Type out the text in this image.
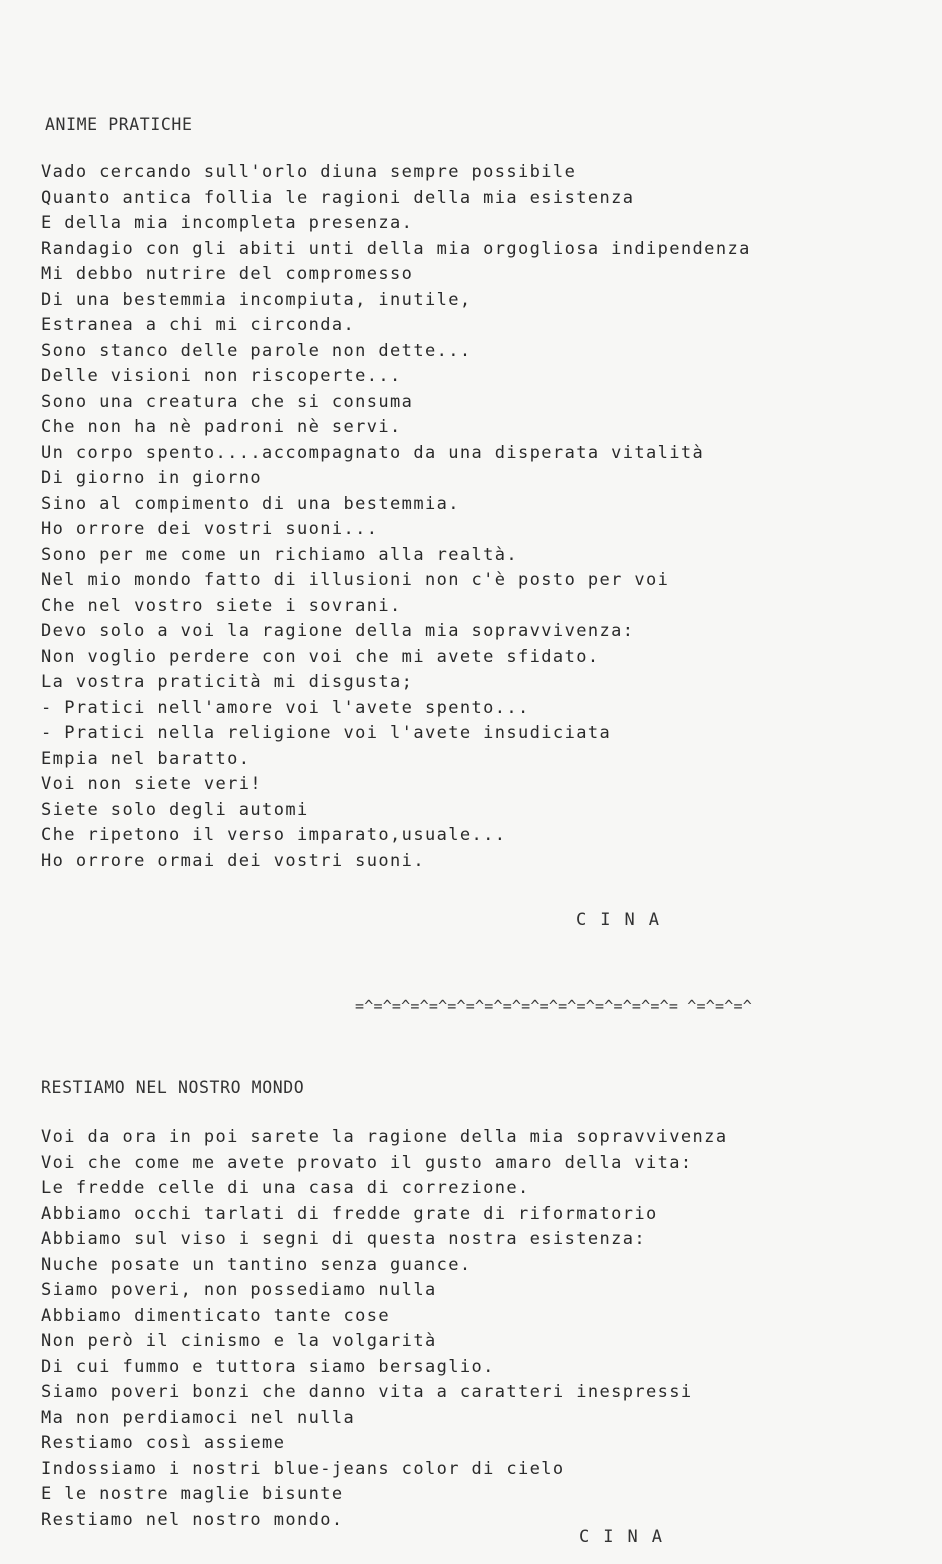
ANIME PRATICHE
Vado cercando sull'orlo diuna sempre possibile
Quanto antica follia le ragioni della mia esistenza
E della mia incompleta presenza.
Randagio con gli abiti unti della mia orgogliosa indipendenza
Mi debbo nutrire del compromesso
Di una bestemmia incompiuta, inutile,
Estranea a chi mi circonda.
Sono stanco delle parole non dette...
Delle visioni non riscoperte...
Sono una creatura che si consuma
Che non ha nè padroni nè servi.
Un corpo spento....accompagnato da una disperata vitalità
Di giorno in giorno
Sino al compimento di una bestemmia.
Ho orrore dei vostri suoni...
Sono per me come un richiamo alla realtà.
Nel mio mondo fatto di illusioni non c'è posto per voi
Che nel vostro siete i sovrani.
Devo solo a voi la ragione della mia sopravvivenza:
Non voglio perdere con voi che mi avete sfidato.
La vostra praticità mi disgusta;
- Pratici nell'amore voi l'avete spento...
- Pratici nella religione voi l'avete insudiciata
Empia nel baratto.
Voi non siete veri!
Siete solo degli automi
Che ripetono il verso imparato,usuale...
Ho orrore ormai dei vostri suoni.
CINA
=^=^=^=^=^=^=^=^=^=^=^=^=^=^=^=^=^= ^=^=^=^
RESTIAMO NEL NOSTRO MONDO
Voi da ora in poi sarete la ragione della mia sopravvivenza
Voi che come me avete provato il gusto amaro della vita:
Le fredde celle di una casa di correzione.
Abbiamo occhi tarlati di fredde grate di riformatorio
Abbiamo sul viso i segni di questa nostra esistenza:
Nuche posate un tantino senza guance.
Siamo poveri, non possediamo nulla
Abbiamo dimenticato tante cose
Non però il cinismo e la volgarità
Di cui fummo e tuttora siamo bersaglio.
Siamo poveri bonzi che danno vita a caratteri inespressi
Ma non perdiamoci nel nulla
Restiamo così assieme
Indossiamo i nostri blue-jeans color di cielo
E le nostre maglie bisunte
Restiamo nel nostro mondo.
CINA
